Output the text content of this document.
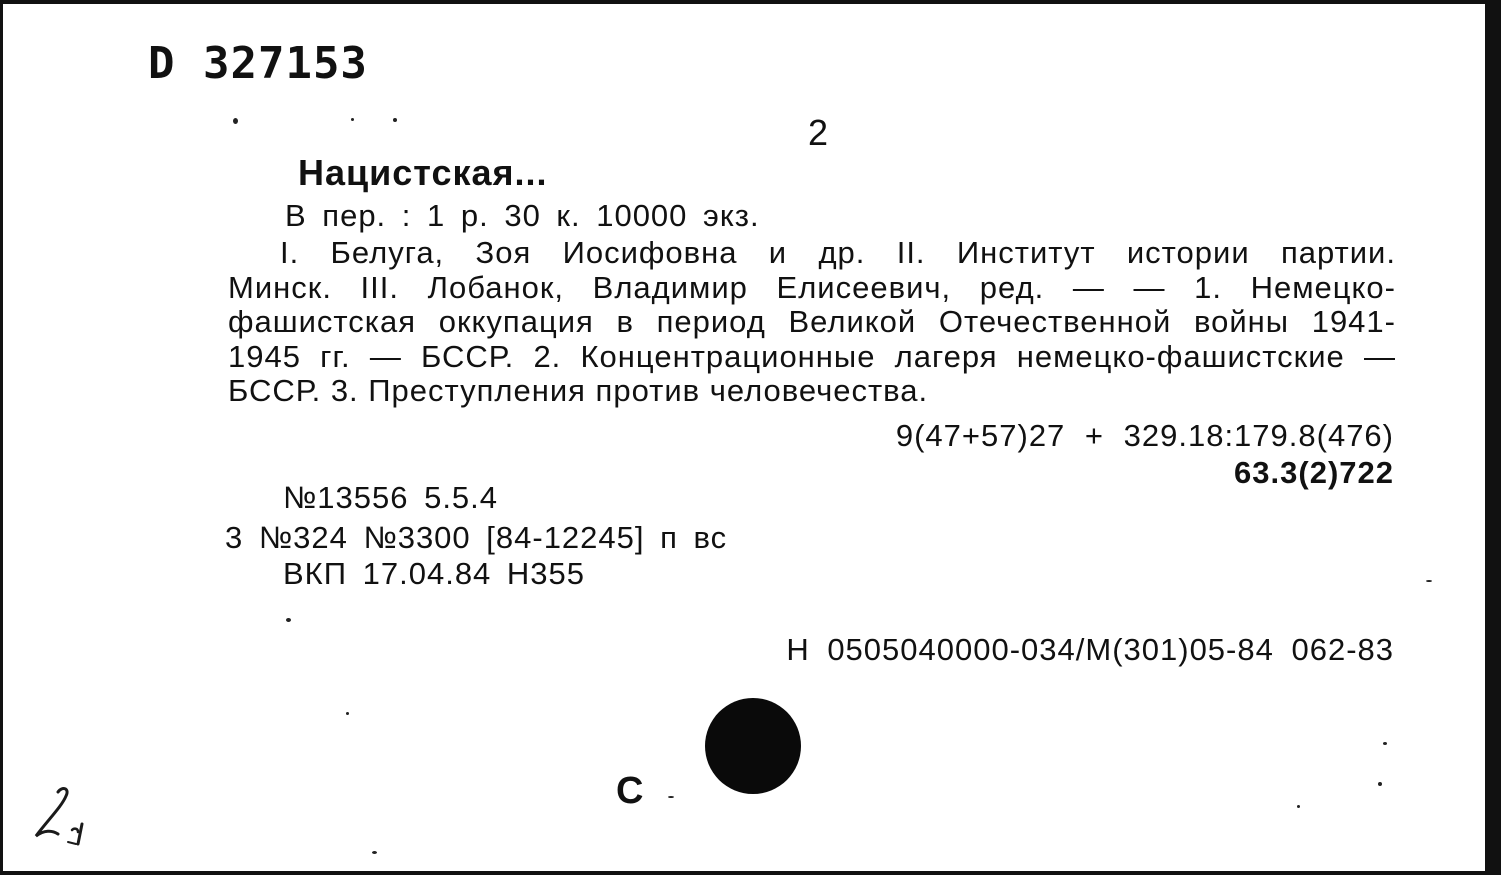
D 327153
2
Нацистская...
В пер. : 1 р. 30 к. 10000 экз.
I. Белуга, Зоя Иосифовна и др. II. Институт истории партии.
Минск. III. Лобанок, Владимир Елисеевич, ред. — — 1. Немецко-
фашистская оккупация в период Великой Отечественной войны 1941-
1945 гг. — БССР. 2. Концентрационные лагеря немецко-фашистские —
БССР. 3. Преступления против человечества.
9(47+57)27 + 329.18:179.8(476)
63.3(2)722
№13556 5.5.4
3 №324 №3300 [84-12245] п вс
ВКП 17.04.84 Н355
Н 0505040000-034/М(301)05-84 062-83
С
